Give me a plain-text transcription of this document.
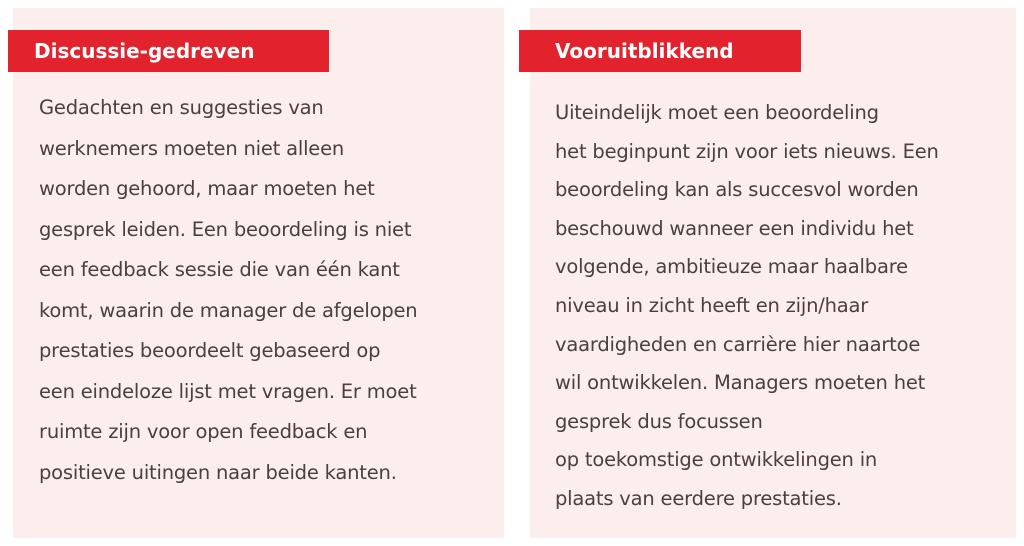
Discussie-gedreven
Gedachten en suggesties van
werknemers moeten niet alleen
worden gehoord, maar moeten het
gesprek leiden. Een beoordeling is niet
een feedback sessie die van één kant
komt, waarin de manager de afgelopen
prestaties beoordeelt gebaseerd op
een eindeloze lijst met vragen. Er moet
ruimte zijn voor open feedback en
positieve uitingen naar beide kanten.
Vooruitblikkend
Uiteindelijk moet een beoordeling
het beginpunt zijn voor iets nieuws. Een
beoordeling kan als succesvol worden
beschouwd wanneer een individu het
volgende, ambitieuze maar haalbare
niveau in zicht heeft en zijn/haar
vaardigheden en carrière hier naartoe
wil ontwikkelen. Managers moeten het
gesprek dus focussen
op toekomstige ontwikkelingen in
plaats van eerdere prestaties.
